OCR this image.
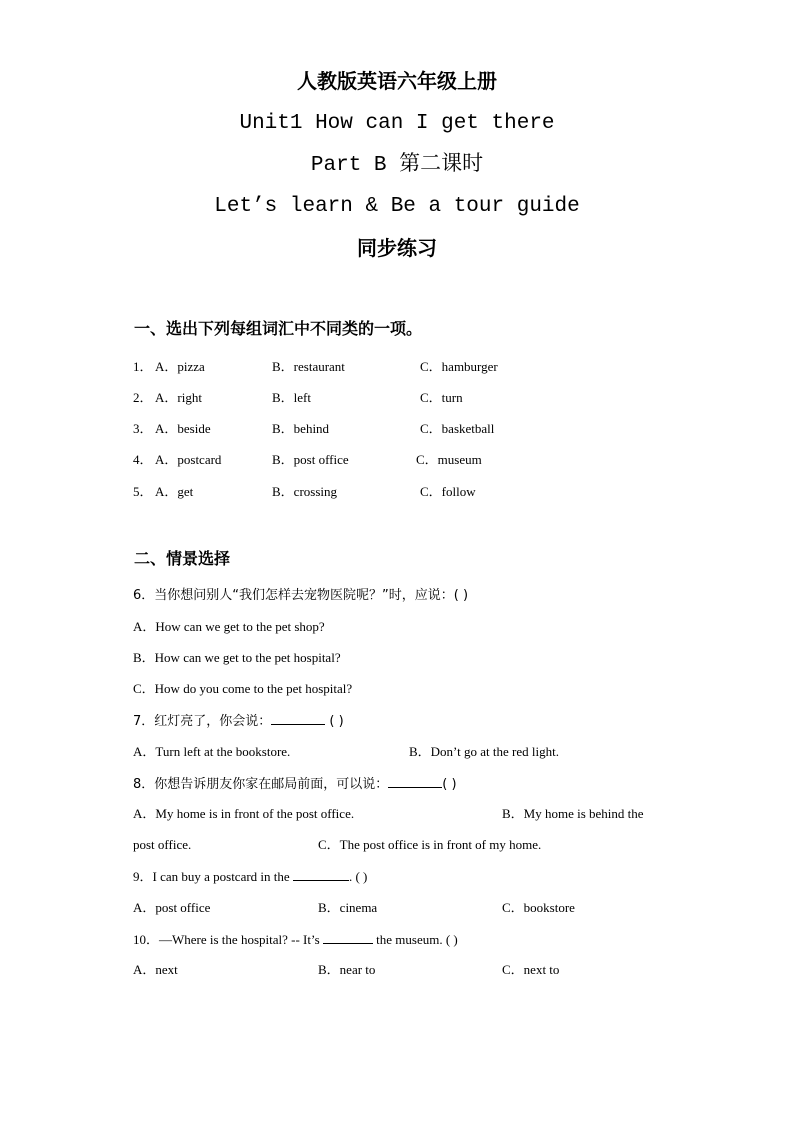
人教版英语六年级上册
Unit1 How can I get there
Part B 第二课时
Let’s learn & Be a tour guide
同步练习
一、选出下列每组词汇中不同类的一项。
1． A．pizza	B．restaurant	C．hamburger
2． A．right	B．left	C．turn
3． A．beside	B．behind	C．basketball
4． A．postcard	B．post office	C．museum
5． A．get	B．crossing	C．follow
二、情景选择
6．当你想问别人“我们怎样去宠物医院呢？”时，应说：( )
A．How can we get to the pet shop?
B．How can we get to the pet hospital?
C．How do you come to the pet hospital?
7．红灯亮了，你会说：	( )
A．Turn left at the bookstore.	B．Don’t go at the red light.
8．你想告诉朋友你家在邮局前面，可以说：	( )
A．My home is in front of the post office.	B．My home is behind the
post office.	C．The post office is in front of my home.
9．I can buy a postcard in the	. ( )
A．post office	B．cinema	C．bookstore
10．—Where is the hospital? -- It’s	the museum. ( )
A．next	B．near to	C．next to
